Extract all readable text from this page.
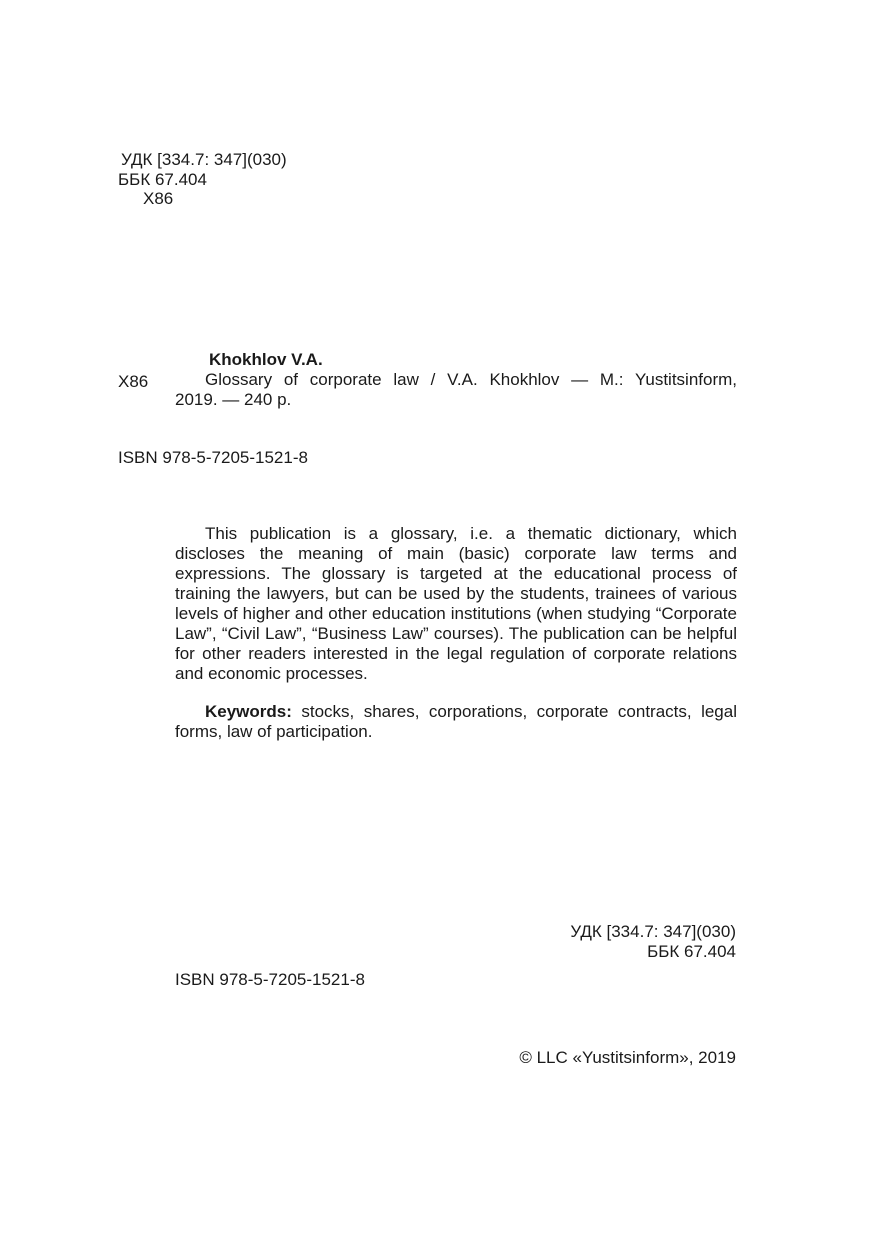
УДК [334.7: 347](030)
ББК 67.404
Х86
Khokhlov V.A.
Х86	Glossary of corporate law / V.A. Khokhlov — M.: Yustitsinform,
2019. — 240 p.
ISBN 978-5-7205-1521-8

This publication is a glossary, i.e. a thematic dictionary, which discloses the meaning of main (basic) corporate law terms and expressions. The glossary is targeted at the educational process of training the lawyers, but can be used by the students, trainees of various levels of higher and other education institutions (when studying “Corporate Law”, “Civil Law”, “Business Law” courses). The publication can be helpful for other readers interested in the legal regulation of corporate relations and economic processes.

Keywords: stocks, shares, corporations, corporate contracts, legal forms, law of participation.

УДК [334.7: 347](030)
ББК 67.404
ISBN 978-5-7205-1521-8
© LLC «Yustitsinform», 2019
